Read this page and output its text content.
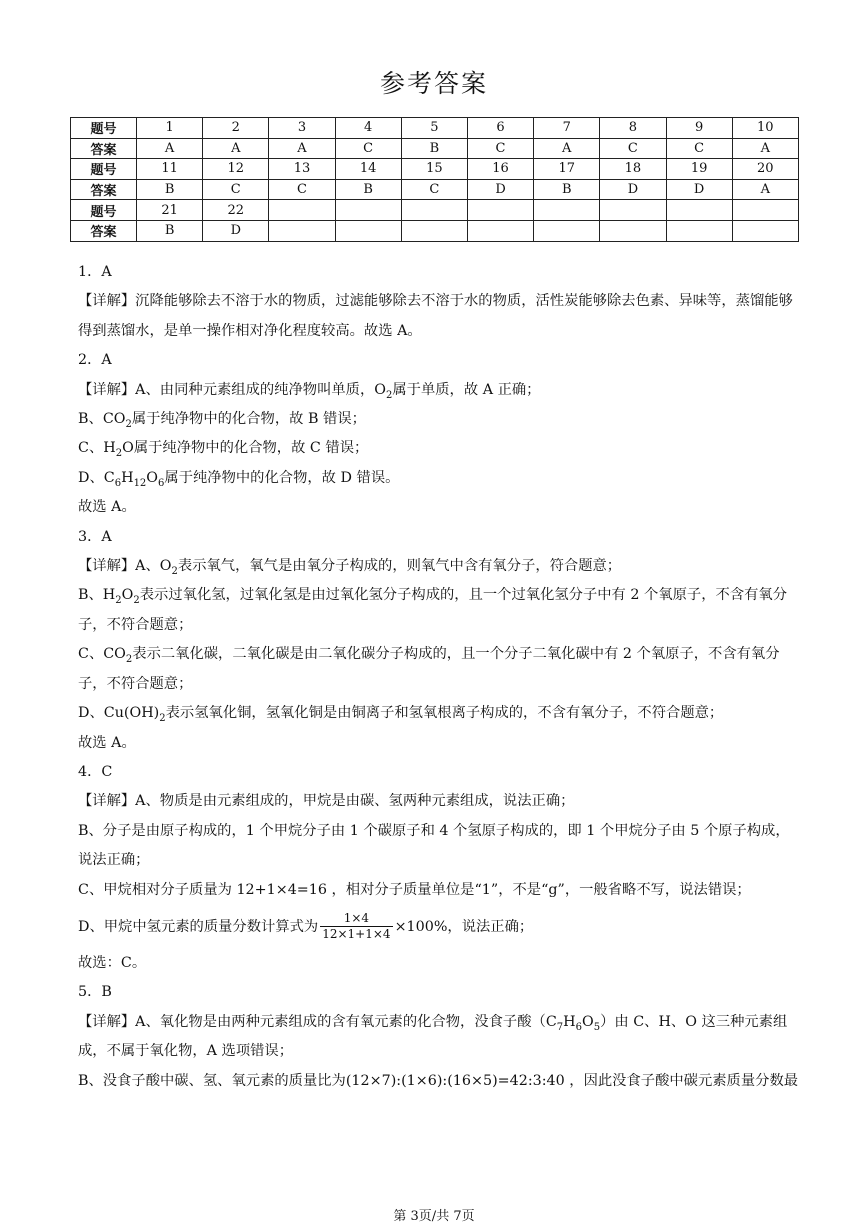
参考答案
题号	1	2	3	4	5	6	7	8	9	10
答案	A	A	A	C	B	C	A	C	C	A
题号	11	12	13	14	15	16	17	18	19	20
答案	B	C	C	B	C	D	B	D	D	A
题号	21	22								
答案	B	D								

1．A

【详解】沉降能够除去不溶于水的物质，过滤能够除去不溶于水的物质，活性炭能够除去色素、异味等，蒸馏能够得到蒸馏水，是单一操作相对净化程度较高。故选 A。

2．A

【详解】A、由同种元素组成的纯净物叫单质，$O_2$属于单质，故 A 正确；

B、$CO_2$属于纯净物中的化合物，故 B 错误；

C、$H_2O$属于纯净物中的化合物，故 C 错误；

D、$C_6H_{12}O_6$属于纯净物中的化合物，故 D 错误。

故选 A。

3．A

【详解】A、$O_2$表示氧气，氧气是由氧分子构成的，则氧气中含有氧分子，符合题意；

B、$H_2O_2$表示过氧化氢，过氧化氢是由过氧化氢分子构成的，且一个过氧化氢分子中有 2 个氧原子，不含有氧分子，不符合题意；

C、$CO_2$表示二氧化碳，二氧化碳是由二氧化碳分子构成的，且一个分子二氧化碳中有 2 个氧原子，不含有氧分子，不符合题意；

D、$Cu(OH)_2$表示氢氧化铜，氢氧化铜是由铜离子和氢氧根离子构成的，不含有氧分子，不符合题意；

故选 A。

4．C

【详解】A、物质是由元素组成的，甲烷是由碳、氢两种元素组成，说法正确；

B、分子是由原子构成的，1 个甲烷分子由 1 个碳原子和 4 个氢原子构成的，即 1 个甲烷分子由 5 个原子构成，说法正确；

C、甲烷相对分子质量为 12+1×4=16 ，相对分子质量单位是“1”，不是“g”，一般省略不写，说法错误；

D、甲烷中氢元素的质量分数计算式为 $\frac{1\times 4}{12\times 1+1\times 4} \times 100\%$，说法正确；

故选：C。

5．B

【详解】A、氧化物是由两种元素组成的含有氧元素的化合物，没食子酸$(C_7H_6O_5)$由 C、H、O 这三种元素组成，不属于氧化物，A 选项错误；

B、没食子酸中碳、氢、氧元素的质量比为(12×7):(1×6):(16×5)=42:3:40 ，因此没食子酸中碳元素质量分数最

第 3页/共 7页
